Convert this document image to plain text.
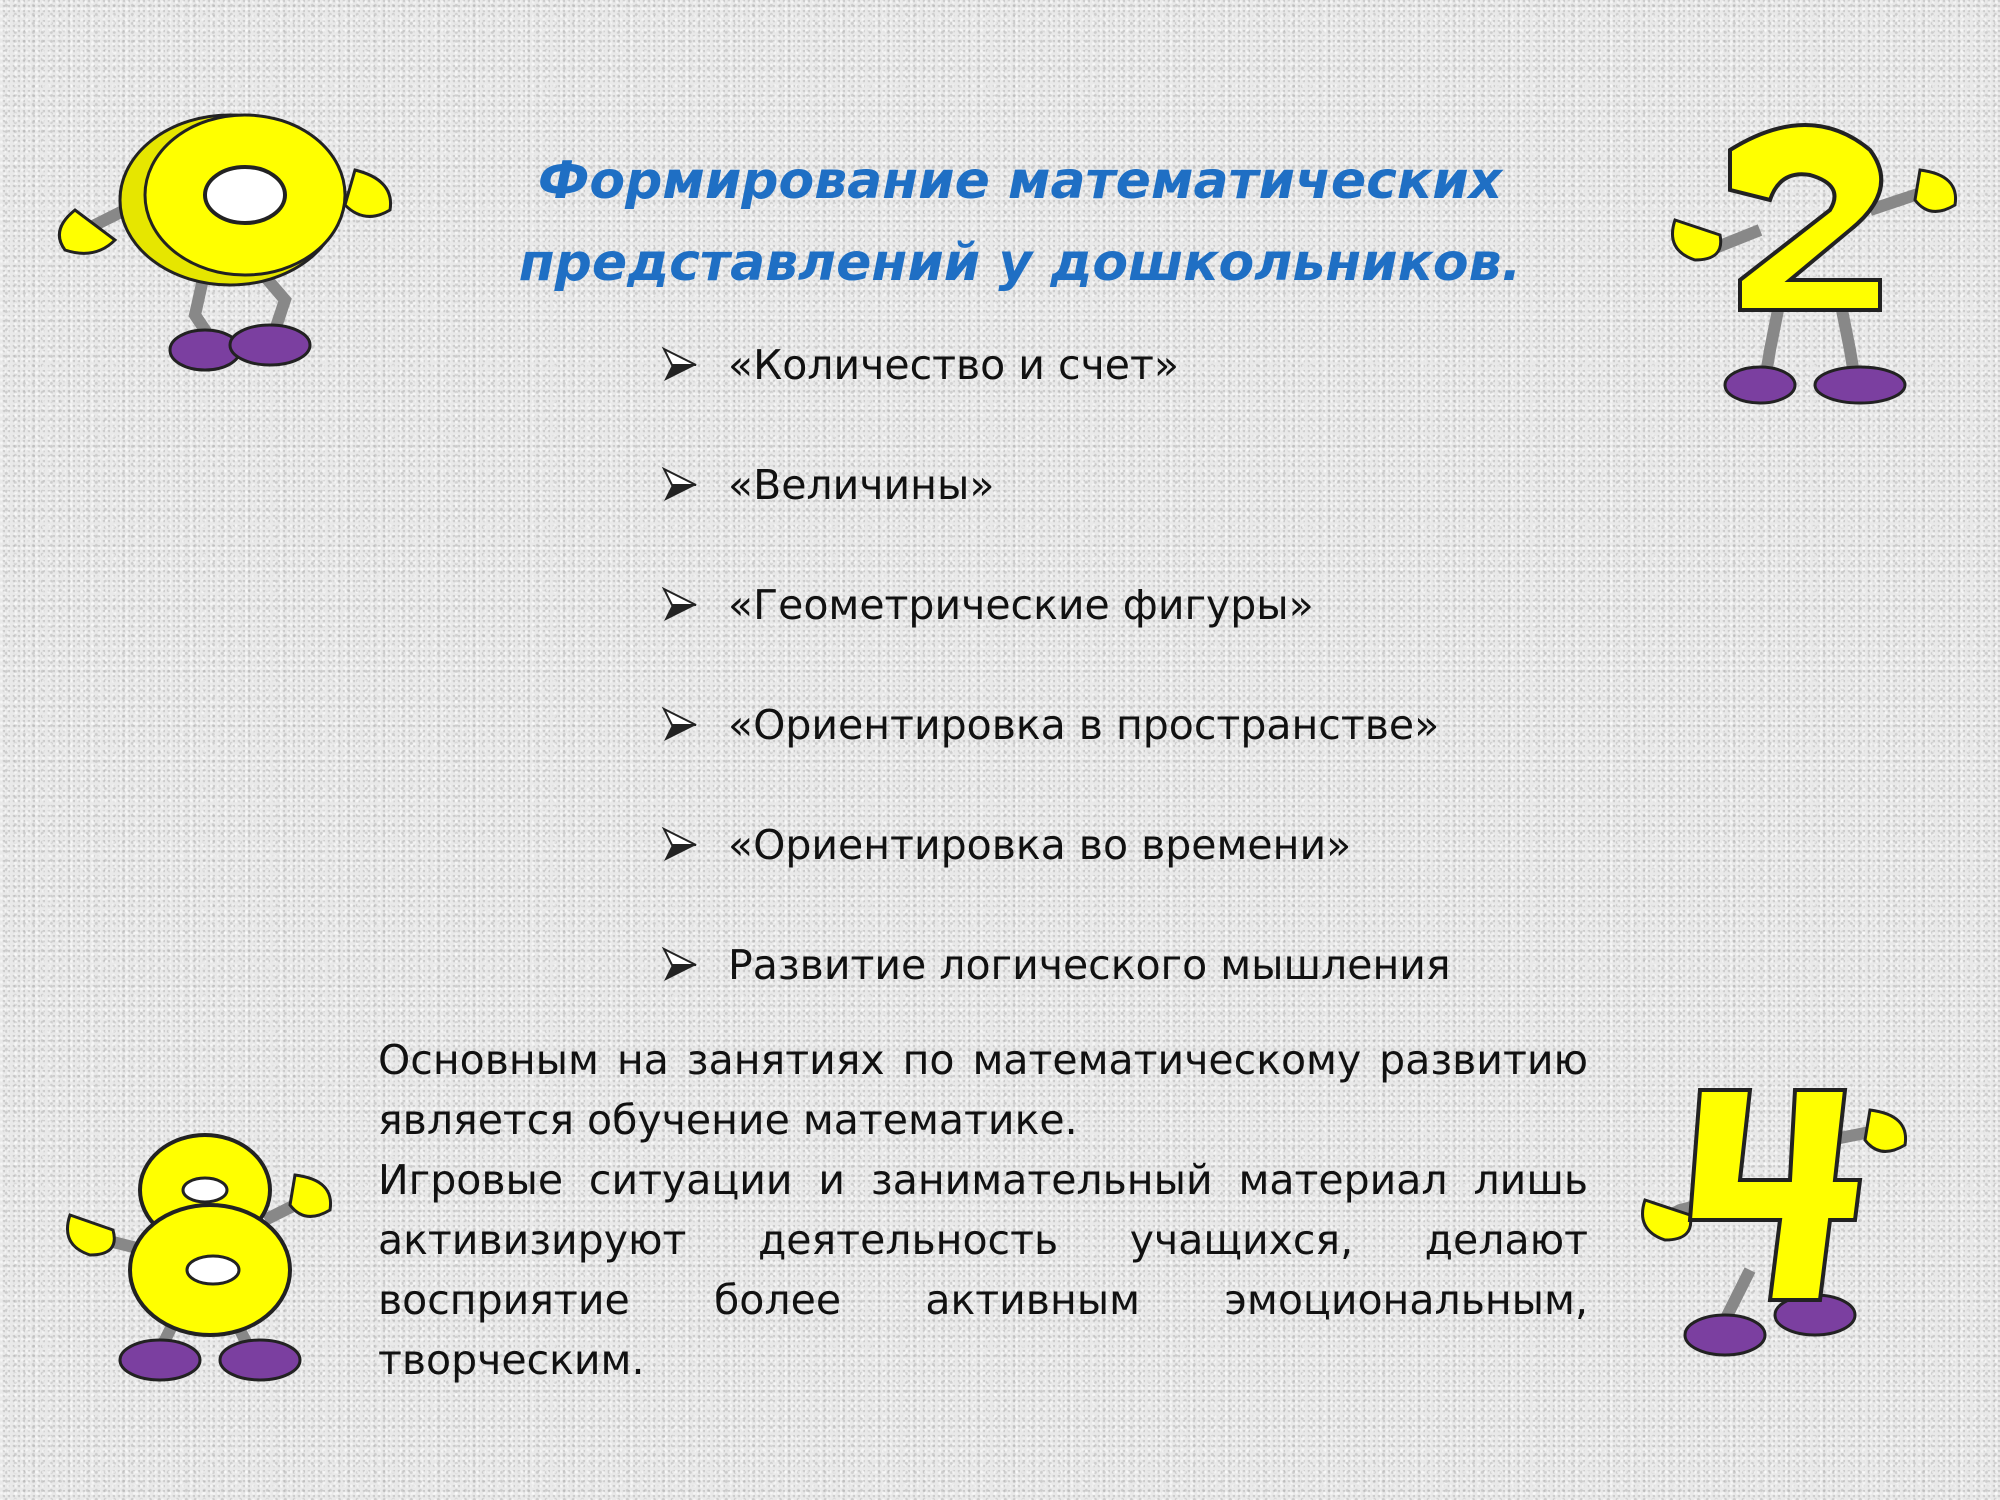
Формирование математических
представлений у дошкольников.
«Количество и счет»
«Величины»
«Геометрические фигуры»
«Ориентировка в пространстве»
«Ориентировка во времени»
Развитие логического мышления

Основным на занятиях по математическому развитию является обучение математике.

Игровые ситуации и занимательный материал лишь активизируют деятельность учащихся, делают восприятие более активным эмоциональным, творческим.
